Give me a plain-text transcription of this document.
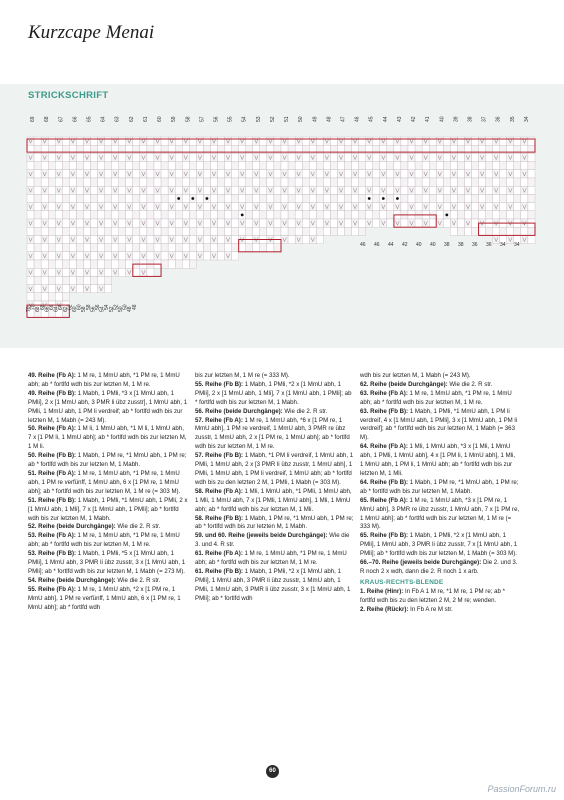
Kurzcape Menai
STRICKSCHRIFT
69 68 67 66 65 64 63 62 61 60 59 58 57 56 55 54 53 52 51 50 49 48 47 46 45 44 43 42 41 40 39 38 37 36 35 34
70
70
68
68
66
66
64
64
62
62
60
60
58
58
56
56
54
54
52
52
50
50
48
48
46 46 44 42 40 40 38 38 36 36 34 34

49. Reihe (Fb A): 1 M re, 1 MmU abh, *1 PM re, 1 MmU abh; ab * fortlfd wdh bis zur letzten M, 1 M re.

49. Reihe (Fb B): 1 Mabh, 1 PMli, *3 x [1 MmU abh, 1 PMli], 2 x [1 MmU abh, 3 PMR li übz zusstr], 1 MmU abh, 1 PMli, 1 MmU abh, 1 PM li verdreif; ab * fortlfd wdh bis zur letzten M, 1 Mabh (= 243 M).

50. Reihe (Fb A): 1 M li, 1 MmU abh, *1 M li, 1 MmU abh, 7 x [1 PM li, 1 MmU abh]; ab * fortlfd wdh bis zur letzten M, 1 M li.

50. Reihe (Fb B): 1 Mabh, 1 PM re, *1 MmU abh, 1 PM re; ab * fortlfd wdh bis zur letzten M, 1 Mabh.

51. Reihe (Fb A): 1 M re, 1 MmU abh, *1 PM re, 1 MmU abh, 1 PM re verfünff, 1 MmU abh, 6 x [1 PM re, 1 MmU abh]; ab * fortlfd wdh bis zur letzten M, 1 M re (= 303 M).

51. Reihe (Fb B): 1 Mabh, 1 PMli, *1 MmU abh, 1 PMli, 2 x [1 MmU abh, 1 Mli], 7 x [1 MmU abh, 1 PMli]; ab * fortlfd wdh bis zur letzten M, 1 Mabh.

52. Reihe (beide Durchgänge): Wie die 2. R str.

53. Reihe (Fb A): 1 M re, 1 MmU abh, *1 PM re, 1 MmU abh; ab * fortlfd wdh bis zur letzten M, 1 M re.

53. Reihe (Fb B): 1 Mabh, 1 PMli, *5 x [1 MmU abh, 1 PMli], 1 MmU abh, 3 PMR li übz zusstr, 3 x [1 MmU abh, 1 PMli]; ab * fortlfd wdh bis zur letzten M, 1 Mabh (= 273 M).

54. Reihe (beide Durchgänge): Wie die 2. R str.

55. Reihe (Fb A): 1 M re, 1 MmU abh, *2 x [1 PM re, 1 MmU abh], 1 PM re verfünff, 1 MmU abh, 6 x [1 PM re, 1 MmU abh]; ab * fortlfd wdh

bis zur letzten M, 1 M re (= 333 M).

55. Reihe (Fb B): 1 Mabh, 1 PMli, *2 x [1 MmU abh, 1 PMli], 2 x [1 MmU abh, 1 Mli], 7 x [1 MmU abh, 1 PMli]; ab * fortlfd wdh bis zur letzten M, 1 Mabh.

56. Reihe (beide Durchgänge): Wie die 2. R str.

57. Reihe (Fb A): 1 M re, 1 MmU abh, *6 x [1 PM re, 1 MmU abh], 1 PM re verdreif, 1 MmU abh, 3 PMR re übz zusstr, 1 MmU abh, 2 x [1 PM re, 1 MmU abh]; ab * fortlfd wdh bis zur letzten M, 1 M re.

57. Reihe (Fb B): 1 Mabh, *1 PM li verdreif, 1 MmU abh, 1 PMli, 1 MmU abh, 2 x [3 PMR li übz zusstr, 1 MmU abh], 1 PMli, 1 MmU abh, 1 PM li verdreif, 1 MmU abh; ab * fortlfd wdh bis zu den letzten 2 M, 1 PMli, 1 Mabh (= 303 M).

58. Reihe (Fb A): 1 Mli, 1 MmU abh, *1 PMli, 1 MmU abh, 1 Mli, 1 MmU abh, 7 x [1 PMli, 1 MmU abh], 1 Mli, 1 MmU abh; ab * fortlfd wdh bis zur letzten M, 1 Mli.

58. Reihe (Fb B): 1 Mabh, 1 PM re, *1 MmU abh, 1 PM re; ab * fortlfd wdh bis zur letzten M, 1 Mabh.

59. und 60. Reihe (jeweils beide Durchgänge): Wie die 3. und 4. R str.

61. Reihe (Fb A): 1 M re, 1 MmU abh, *1 PM re, 1 MmU abh; ab * fortlfd wdh bis zur letzten M, 1 M re.

61. Reihe (Fb B): 1 Mabh, 1 PMli, *2 x [1 MmU abh, 1 PMli], 1 MmU abh, 3 PMR li übz zusstr, 1 MmU abh, 1 PMli, 1 MmU abh, 3 PMR li übz zusstr, 3 x [1 MmU abh, 1 PMli]; ab * fortlfd wdh

wdh bis zur letzten M, 1 Mabh (= 243 M).

62. Reihe (beide Durchgänge): Wie die 2. R str.

63. Reihe (Fb A): 1 M re, 1 MmU abh, *1 PM re, 1 MmU abh; ab * fortlfd wdh bis zur letzten M, 1 M re.

63. Reihe (Fb B): 1 Mabh, 1 PMli, *1 MmU abh, 1 PM li verdreif, 4 x [1 MmU abh, 1 PMli], 3 x [1 MmU abh, 1 PM li verdreif]; ab * fortlfd wdh bis zur letzten M, 1 Mabh (= 363 M).

64. Reihe (Fb A): 1 Mli, 1 MmU abh, *3 x [1 Mli, 1 MmU abh, 1 PMli, 1 MmU abh], 4 x [1 PM li, 1 MmU abh], 1 Mli, 1 MmU abh, 1 PM li, 1 MmU abh; ab * fortlfd wdh bis zur letzten M, 1 Mli.

64. Reihe (Fb B): 1 Mabh, 1 PM re, *1 MmU abh, 1 PM re; ab * fortlfd wdh bis zur letzten M, 1 Mabh.

65. Reihe (Fb A): 1 M re, 1 MmU abh, *3 x [1 PM re, 1 MmU abh], 3 PMR re übz zusstr, 1 MmU abh, 7 x [1 PM re, 1 MmU abh]; ab * fortlfd wdh bis zur letzten M, 1 M re (= 333 M).

65. Reihe (Fb B): 1 Mabh, 1 PMli, *2 x [1 MmU abh, 1 PMli], 1 MmU abh, 3 PMR li übz zusstr, 7 x [1 MmU abh, 1 PMli]; ab * fortlfd wdh bis zur letzten M, 1 Mabh (= 303 M).

66.–70. Reihe (jeweils beide Durchgänge): Die 2. und 3. R noch 2 x wdh, dann die 2. R noch 1 x arb.

KRAUS-RECHTS-BLENDE

1. Reihe (Hinr): In Fb A 1 M re, *1 M re, 1 PM re; ab * fortlfd wdh bis zu den letzten 2 M, 2 M re; wenden.

2. Reihe (Rückr): In Fb A re M str.

60
PassionForum.ru
